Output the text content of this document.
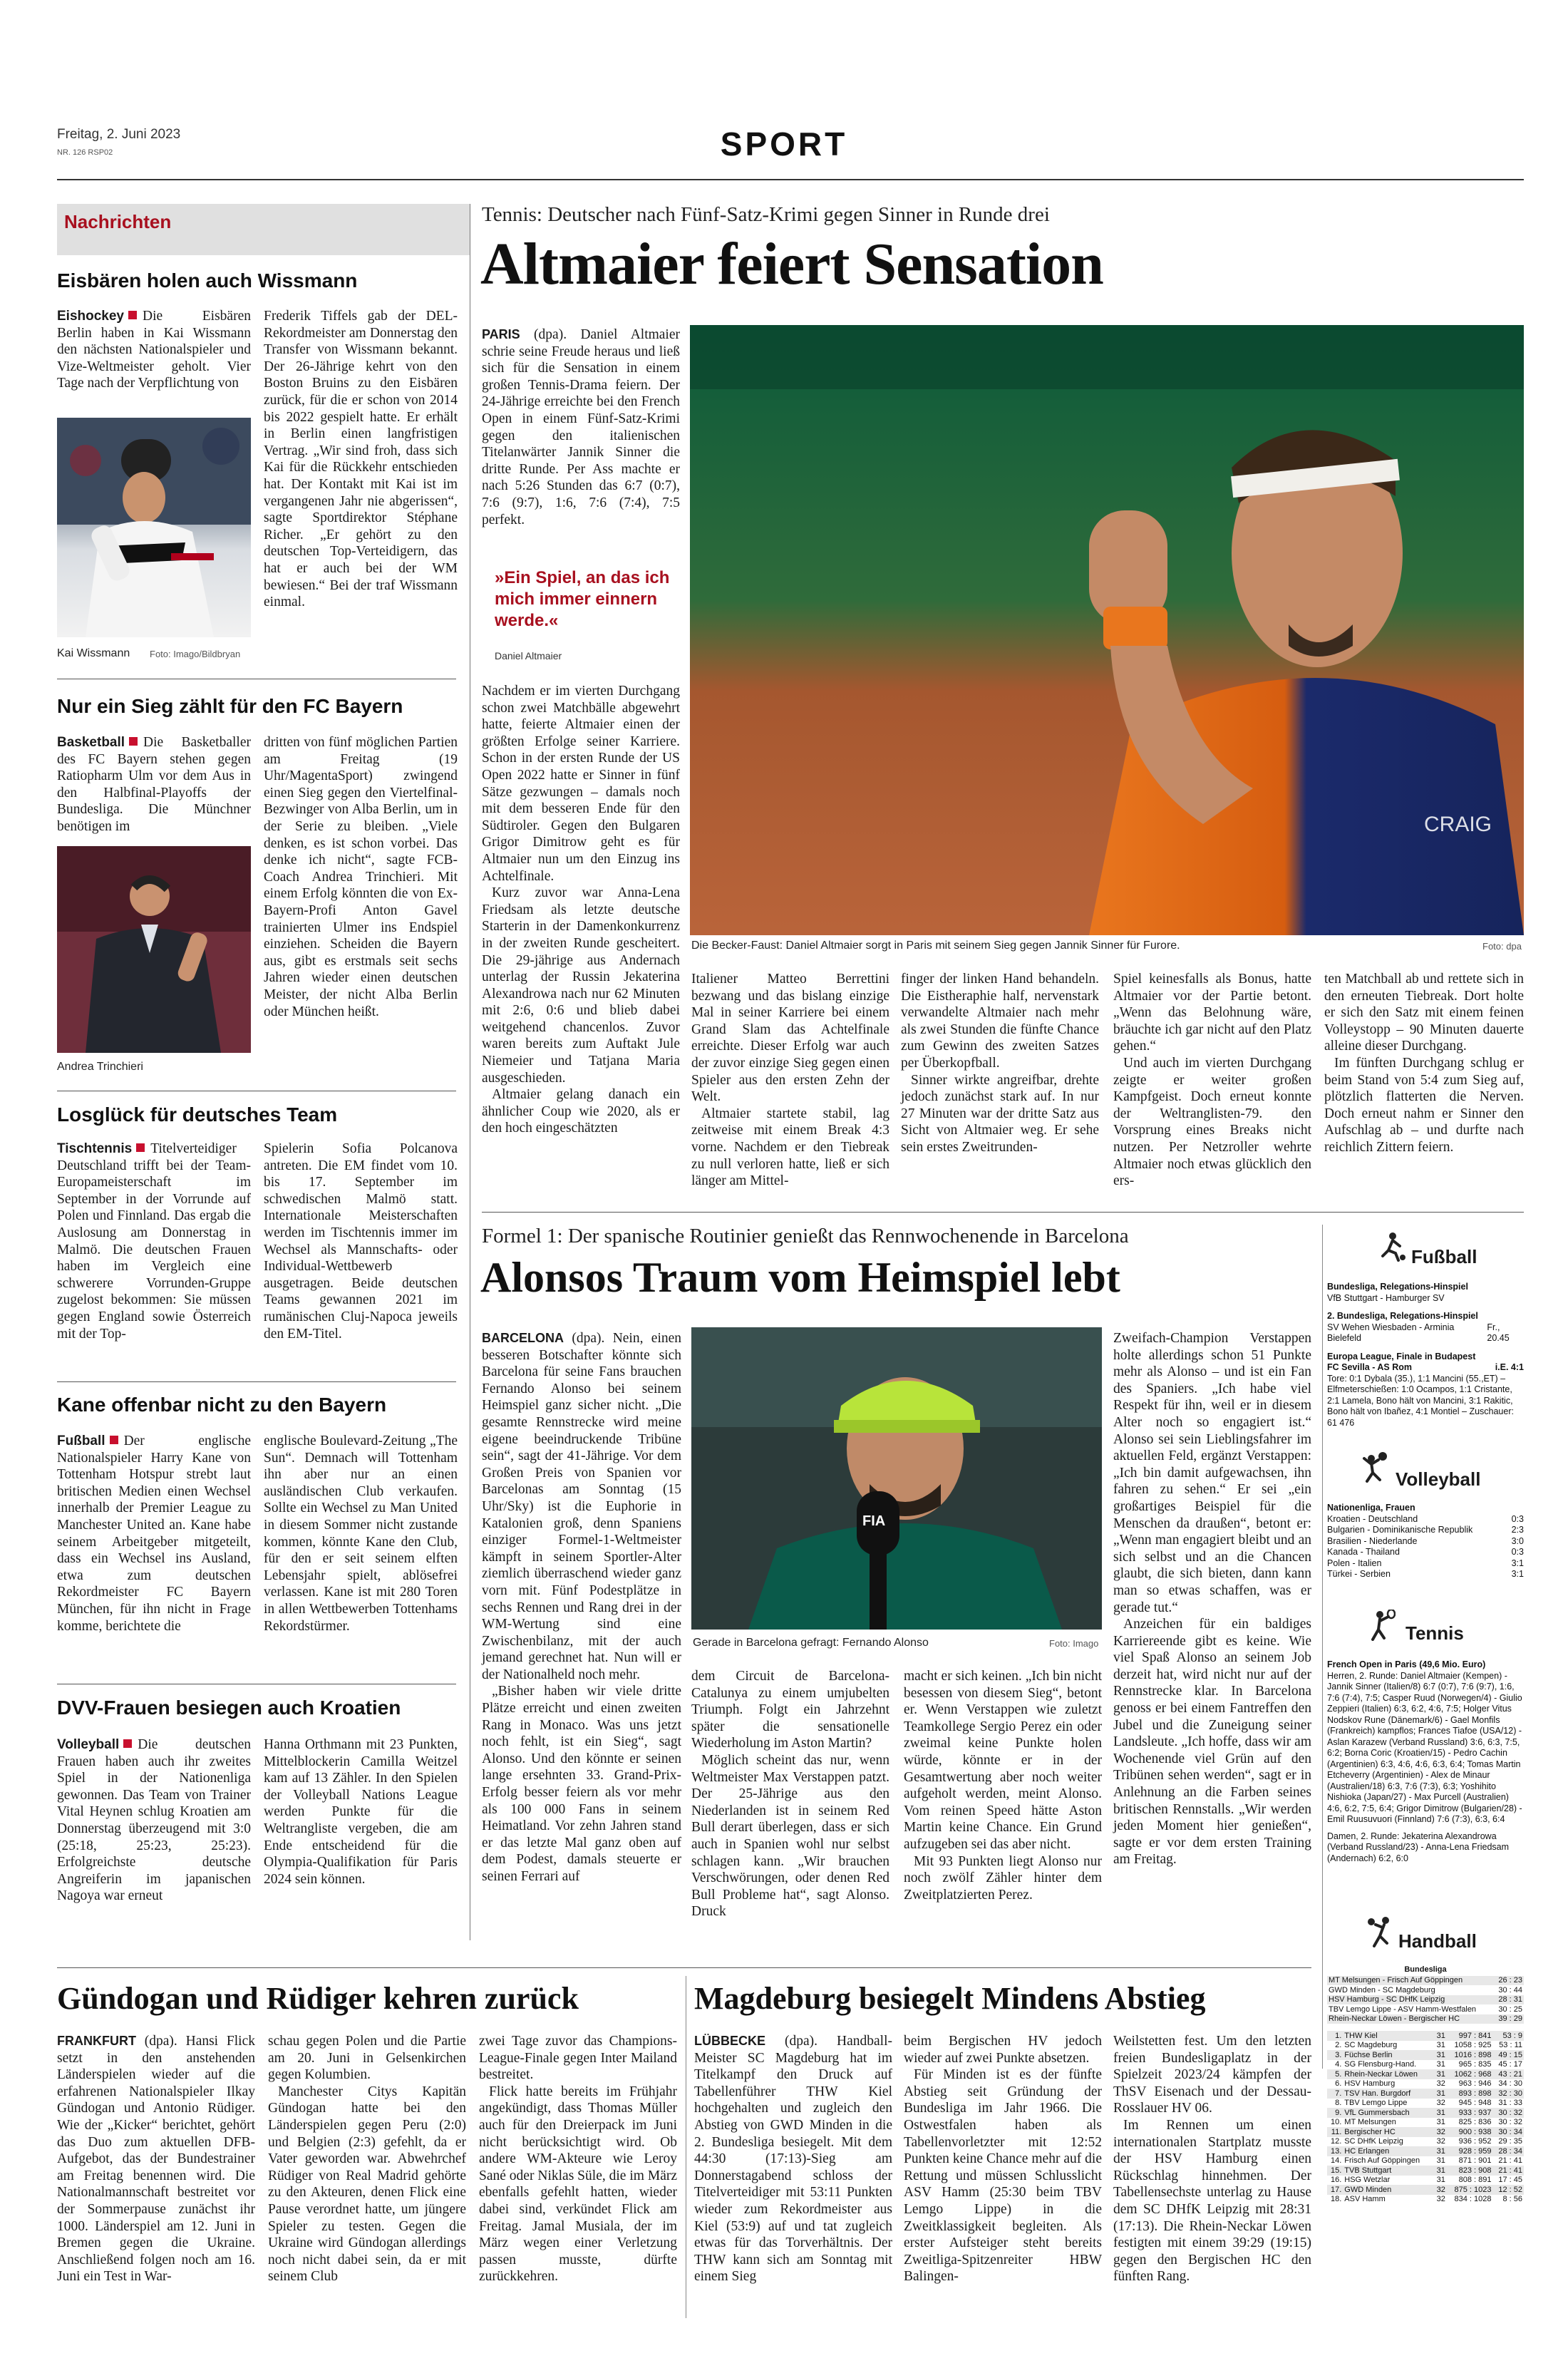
Freitag, 2. Juni 2023
NR. 126 RSP02	SPORT
Nachrichten
Eisbären holen auch Wissmann
Eishockey Die Eisbären Berlin haben in Kai Wissmann den nächsten Nationalspieler und Vize-Weltmeister geholt. Vier Tage nach der Verpflichtung von
Kai Wissmann Foto: Imago/Bildbryan
Frederik Tiffels gab der DEL-Rekordmeister am Donnerstag den Transfer von Wissmann bekannt. Der 26-Jährige kehrt von den Boston Bruins zu den Eisbären zurück, für die er schon von 2014 bis 2022 gespielt hatte. Er erhält in Berlin einen langfristigen Vertrag. „Wir sind froh, dass sich Kai für die Rückkehr entschieden hat. Der Kontakt mit Kai ist im vergangenen Jahr nie abgerissen“, sagte Sportdirektor Stéphane Richer. „Er gehört zu den deutschen Top-Verteidigern, das hat er auch bei der WM bewiesen.“ Bei der traf Wissmann einmal.
Nur ein Sieg zählt für den FC Bayern
Basketball Die Basketballer des FC Bayern stehen gegen Ratiopharm Ulm vor dem Aus in den Halbfinal-Playoffs der Bundesliga. Die Münchner benötigen im
Andrea Trinchieri
dritten von fünf möglichen Partien am Freitag (19 Uhr/MagentaSport) zwingend einen Sieg gegen den Viertelfinal-Bezwinger von Alba Berlin, um in der Serie zu bleiben. „Viele denken, es ist schon vorbei. Das denke ich nicht“, sagte FCB-Coach Andrea Trinchieri. Mit einem Erfolg könnten die von Ex-Bayern-Profi Anton Gavel trainierten Ulmer ins Endspiel einziehen. Scheiden die Bayern aus, gibt es erstmals seit sechs Jahren wieder einen deutschen Meister, der nicht Alba Berlin oder München heißt.
Losglück für deutsches Team
Tischtennis Titelverteidiger Deutschland trifft bei der Team-Europameisterschaft im September in der Vorrunde auf Polen und Finnland. Das ergab die Auslosung am Donnerstag in Malmö. Die deutschen Frauen haben im Vergleich eine schwerere Vorrunden-Gruppe zugelost bekommen: Sie müssen gegen England sowie Österreich mit der Top-
Spielerin Sofia Polcanova antreten. Die EM findet vom 10. bis 17. September im schwedischen Malmö statt. Internationale Meisterschaften werden im Tischtennis immer im Wechsel als Mannschafts- oder Individual-Wettbewerb ausgetragen. Beide deutschen Teams gewannen 2021 im rumänischen Cluj-Napoca jeweils den EM-Titel.
Kane offenbar nicht zu den Bayern
Fußball Der englische Nationalspieler Harry Kane von Tottenham Hotspur strebt laut britischen Medien einen Wechsel innerhalb der Premier League zu Manchester United an. Kane habe seinem Arbeitgeber mitgeteilt, dass ein Wechsel ins Ausland, etwa zum deutschen Rekordmeister FC Bayern München, für ihn nicht in Frage komme, berichtete die
englische Boulevard-Zeitung „The Sun“. Demnach will Tottenham ihn aber nur an einen ausländischen Club verkaufen. Sollte ein Wechsel zu Man United in diesem Sommer nicht zustande kommen, könnte Kane den Club, für den er seit seinem elften Lebensjahr spielt, ablösefrei verlassen. Kane ist mit 280 Toren in allen Wettbewerben Tottenhams Rekordstürmer.
DVV-Frauen besiegen auch Kroatien
Volleyball Die deutschen Frauen haben auch ihr zweites Spiel in der Nationenliga gewonnen. Das Team von Trainer Vital Heynen schlug Kroatien am Donnerstag überzeugend mit 3:0 (25:18, 25:23, 25:23). Erfolgreichste deutsche Angreiferin im japanischen Nagoya war erneut
Hanna Orthmann mit 23 Punkten, Mittelblockerin Camilla Weitzel kam auf 13 Zähler. In den Spielen der Volleyball Nations League werden Punkte für die Weltrangliste vergeben, die am Ende entscheidend für die Olympia-Qualifikation für Paris 2024 sein können.
Tennis: Deutscher nach Fünf-Satz-Krimi gegen Sinner in Runde drei
Altmaier feiert Sensation
PARIS (dpa). Daniel Altmaier schrie seine Freude heraus und ließ sich für die Sensation in einem großen Tennis-Drama feiern. Der 24-Jährige erreichte bei den French Open in einem Fünf-Satz-Krimi gegen den italienischen Titelanwärter Jannik Sinner die dritte Runde. Per Ass machte er nach 5:26 Stunden das 6:7 (0:7), 7:6 (9:7), 1:6, 7:6 (7:4), 7:5 perfekt.
»Ein Spiel, an das ich mich immer einnern werde.«
Daniel Altmaier

Nachdem er im vierten Durchgang schon zwei Matchbälle abgewehrt hatte, feierte Altmaier einen der größten Erfolge seiner Karriere. Schon in der ersten Runde der US Open 2022 hatte er Sinner in fünf Sätze gezwungen – damals noch mit dem besseren Ende für den Südtiroler. Gegen den Bulgaren Grigor Dimitrow geht es für Altmaier nun um den Einzug ins Achtelfinale.

Kurz zuvor war Anna-Lena Friedsam als letzte deutsche Starterin in der Damenkonkurrenz in der zweiten Runde gescheitert. Die 29-jährige aus Andernach unterlag der Russin Jekaterina Alexandrowa nach nur 62 Minuten mit 2:6, 0:6 und blieb dabei weitgehend chancenlos. Zuvor waren bereits zum Auftakt Jule Niemeier und Tatjana Maria ausgeschieden.

Altmaier gelang danach ein ähnlicher Coup wie 2020, als er den hoch eingeschätzten

CRAIG
Die Becker-Faust: Daniel Altmaier sorgt in Paris mit seinem Sieg gegen Jannik Sinner für Furore.	Foto: dpa

Italiener Matteo Berrettini bezwang und das bislang einzige Mal in seiner Karriere bei einem Grand Slam das Achtelfinale erreichte. Dieser Erfolg war auch der zuvor einzige Sieg gegen einen Spieler aus den ersten Zehn der Welt.

Altmaier startete stabil, lag zeitweise mit einem Break 4:3 vorne. Nachdem er den Tiebreak zu null verloren hatte, ließ er sich länger am Mittel-

finger der linken Hand behandeln. Die Eistheraphie half, nervenstark verwandelte Altmaier nach mehr als zwei Stunden die fünfte Chance zum Gewinn des zweiten Satzes per Überkopfball.

Sinner wirkte angreifbar, drehte jedoch zunächst stark auf. In nur 27 Minuten war der dritte Satz aus Sicht von Altmaier weg. Er sehe sein erstes Zweitrunden-

Spiel keinesfalls als Bonus, hatte Altmaier vor der Partie betont. „Wenn das Belohnung wäre, bräuchte ich gar nicht auf den Platz gehen.“

Und auch im vierten Durchgang zeigte er weiter großen Kampfgeist. Doch erneut konnte der Weltranglisten-79. den Vorsprung eines Breaks nicht nutzen. Per Netzroller wehrte Altmaier noch etwas glücklich den ers-

ten Matchball ab und rettete sich in den erneuten Tiebreak. Dort holte er sich den Satz mit einem feinen Volleystopp – 90 Minuten dauerte alleine dieser Durchgang.

Im fünften Durchgang schlug er beim Stand von 5:4 zum Sieg auf, plötzlich flatterten die Nerven. Doch erneut nahm er Sinner den Aufschlag ab – und durfte nach reichlich Zittern feiern.

Formel 1: Der spanische Routinier genießt das Rennwochenende in Barcelona
Alonsos Traum vom Heimspiel lebt

BARCELONA (dpa). Nein, einen besseren Botschafter könnte sich Barcelona für seine Fans brauchen Fernando Alonso bei seinem Heimspiel ganz sicher nicht. „Die gesamte Rennstrecke wird meine eigene beeindruckende Tribüne sein“, sagt der 41-Jährige. Vor dem Großen Preis von Spanien vor Barcelonas am Sonntag (15 Uhr/Sky) ist die Euphorie in Katalonien groß, denn Spaniens einziger Formel-1-Weltmeister kämpft in seinem Sportler-Alter ziemlich überraschend wieder ganz vorn mit. Fünf Podestplätze in sechs Rennen und Rang drei in der WM-Wertung sind eine Zwischenbilanz, mit der auch jemand gerechnet hat. Nun will er der Nationalheld noch mehr.

„Bisher haben wir viele dritte Plätze erreicht und einen zweiten Rang in Monaco. Was uns jetzt noch fehlt, ist ein Sieg“, sagt Alonso. Und den könnte er seinen lange ersehnten 33. Grand-Prix-Erfolg besser feiern als vor mehr als 100 000 Fans in seinem Heimatland. Vor zehn Jahren stand er das letzte Mal ganz oben auf dem Podest, damals steuerte er seinen Ferrari auf

FIA
Gerade in Barcelona gefragt: Fernando Alonso	Foto: Imago

dem Circuit de Barcelona-Catalunya zu einem umjubelten Triumph. Folgt ein Jahrzehnt später die sensationelle Wiederholung im Aston Martin?

Möglich scheint das nur, wenn Weltmeister Max Verstappen patzt. Der 25-Jährige aus den Niederlanden ist in seinem Red Bull derart überlegen, dass er sich auch in Spanien wohl nur selbst schlagen kann. „Wir brauchen Verschwörungen, oder denen Red Bull Probleme hat“, sagt Alonso. Druck

macht er sich keinen. „Ich bin nicht besessen von diesem Sieg“, betont er. Wenn Verstappen wie zuletzt Teamkollege Sergio Perez ein oder zweimal keine Punkte holen würde, könnte er in der Gesamtwertung aber noch weiter aufgeholt werden, meint Alonso. Vom reinen Speed hätte Aston Martin keine Chance. Ein Grund aufzugeben sei das aber nicht.

Mit 93 Punkten liegt Alonso nur noch zwölf Zähler hinter dem Zweitplatzierten Perez.

Zweifach-Champion Verstappen holte allerdings schon 51 Punkte mehr als Alonso – und ist ein Fan des Spaniers. „Ich habe viel Respekt für ihn, weil er in diesem Alter noch so engagiert ist.“ Alonso sei sein Lieblingsfahrer im aktuellen Feld, ergänzt Verstappen: „Ich bin damit aufgewachsen, ihn fahren zu sehen.“ Er sei „ein großartiges Beispiel für die Menschen da draußen“, betont er: „Wenn man engagiert bleibt und an sich selbst und an die Chancen glaubt, die sich bieten, dann kann man so etwas schaffen, was er gerade tut.“

Anzeichen für ein baldiges Karriereende gibt es keine. Wie viel Spaß Alonso an seinem Job derzeit hat, wird nicht nur auf der Rennstrecke klar. In Barcelona genoss er bei einem Fantreffen den Jubel und die Zuneigung seiner Landsleute. „Ich hoffe, dass wir am Wochenende viel Grün auf den Tribünen sehen werden“, sagt er in Anlehnung an die Farben seines britischen Rennstalls. „Wir werden jeden Moment hier genießen“, sagte er vor dem ersten Training am Freitag.

Fußball
Bundesliga, Relegations-Hinspiel
VfB Stuttgart - Hamburger SV
2. Bundesliga, Relegations-Hinspiel
SV Wehen Wiesbaden - Arminia Bielefeld
Fr., 20.45
Europa League, Finale in Budapest
FC Sevilla - AS Rom	i.E. 4:1
Tore: 0:1 Dybala (35.), 1:1 Mancini (55.,ET) – Elfmeterschießen: 1:0 Ocampos, 1:1 Cristante, 2:1 Lamela, Bono hält von Mancini, 3:1 Rakitic, Bono hält von Ibañez, 4:1 Montiel – Zuschauer: 61 476
Volleyball
Nationenliga, Frauen
Kroatien - Deutschland	0:3
Bulgarien - Dominikanische Republik	2:3
Brasilien - Niederlande	3:0
Kanada - Thailand	0:3
Polen - Italien	3:1
Türkei - Serbien	3:1
Tennis
French Open in Paris (49,6 Mio. Euro)
Herren, 2. Runde: Daniel Altmaier (Kempen) - Jannik Sinner (Italien/8) 6:7 (0:7), 7:6 (9:7), 1:6, 7:6 (7:4), 7:5; Casper Ruud (Norwegen/4) - Giulio Zeppieri (Italien) 6:3, 6:2, 4:6, 7:5; Holger Vitus Nodskov Rune (Dänemark/6) - Gael Monfils (Frankreich) kampflos; Frances Tiafoe (USA/12) - Aslan Karazew (Verband Russland) 3:6, 6:3, 7:5, 6:2; Borna Coric (Kroatien/15) - Pedro Cachin (Argentinien) 6:3, 4:6, 4:6, 6:3, 6:4; Tomas Martin Etcheverry (Argentinien) - Alex de Minaur (Australien/18) 6:3, 7:6 (7:3), 6:3; Yoshihito Nishioka (Japan/27) - Max Purcell (Australien) 4:6, 6:2, 7:5, 6:4; Grigor Dimitrow (Bulgarien/28) - Emil Ruusuvuori (Finnland) 7:6 (7:3), 6:3, 6:4
Damen, 2. Runde: Jekaterina Alexandrowa (Verband Russland/23) - Anna-Lena Friedsam (Andernach) 6:2, 6:0
Handball
Bundesliga
MT Melsungen - Frisch Auf Göppingen	26 : 23
GWD Minden - SC Magdeburg	30 : 44
HSV Hamburg - SC DHfK Leipzig	28 : 31
TBV Lemgo Lippe - ASV Hamm-Westfalen	30 : 25
Rhein-Neckar Löwen - Bergischer HC	39 : 29
1.	THW Kiel	31	997 : 841	53 : 9
2.	SC Magdeburg	31	1058 : 925	53 : 11
3.	Füchse Berlin	31	1016 : 898	49 : 15
4.	SG Flensburg-Hand.	31	965 : 835	45 : 17
5.	Rhein-Neckar Löwen	31	1062 : 968	43 : 21
6.	HSV Hamburg	32	963 : 946	34 : 30
7.	TSV Han. Burgdorf	31	893 : 898	32 : 30
8.	TBV Lemgo Lippe	32	945 : 948	31 : 33
9.	VfL Gummersbach	31	933 : 937	30 : 32
10.	MT Melsungen	31	825 : 836	30 : 32
11.	Bergischer HC	32	900 : 938	30 : 34
12.	SC DHfK Leipzig	32	936 : 952	29 : 35
13.	HC Erlangen	31	928 : 959	28 : 34
14.	Frisch Auf Göppingen	31	871 : 901	21 : 41
15.	TVB Stuttgart	31	823 : 908	21 : 41
16.	HSG Wetzlar	31	808 : 891	17 : 45
17.	GWD Minden	32	875 : 1023	12 : 52
18.	ASV Hamm	32	834 : 1028	8 : 56
Gündogan und Rüdiger kehren zurück

FRANKFURT (dpa). Hansi Flick setzt in den anstehenden Länderspielen wieder auf die erfahrenen Nationalspieler Ilkay Gündogan und Antonio Rüdiger. Wie der „Kicker“ berichtet, gehört das Duo zum aktuellen DFB-Aufgebot, das der Bundestrainer am Freitag benennen wird. Die Nationalmannschaft bestreitet vor der Sommerpause zunächst ihr 1000. Länderspiel am 12. Juni in Bremen gegen die Ukraine. Anschließend folgen noch am 16. Juni ein Test in War-

schau gegen Polen und die Partie am 20. Juni in Gelsenkirchen gegen Kolumbien.

Manchester Citys Kapitän Gündogan hatte bei den Länderspielen gegen Peru (2:0) und Belgien (2:3) gefehlt, da er Vater geworden war. Abwehrchef Rüdiger von Real Madrid gehörte zu den Akteuren, denen Flick eine Pause verordnet hatte, um jüngere Spieler zu testen. Gegen die Ukraine wird Gündogan allerdings noch nicht dabei sein, da er mit seinem Club

zwei Tage zuvor das Champions-League-Finale gegen Inter Mailand bestreitet.

Flick hatte bereits im Frühjahr angekündigt, dass Thomas Müller auch für den Dreierpack im Juni nicht berücksichtigt wird. Ob andere WM-Akteure wie Leroy Sané oder Niklas Süle, die im März ebenfalls gefehlt hatten, wieder dabei sind, verkündet Flick am Freitag. Jamal Musiala, der im März wegen einer Verletzung passen musste, dürfte zurückkehren.

Magdeburg besiegelt Mindens Abstieg

LÜBBECKE (dpa). Handball-Meister SC Magdeburg hat im Titelkampf den Druck auf Tabellenführer THW Kiel hochgehalten und zugleich den Abstieg von GWD Minden in die 2. Bundesliga besiegelt. Mit dem 44:30 (17:13)-Sieg am Donnerstagabend schloss der Titelverteidiger mit 53:11 Punkten wieder zum Rekordmeister aus Kiel (53:9) auf und tat zugleich etwas für das Torverhältnis. Der THW kann sich am Sonntag mit einem Sieg

beim Bergischen HV jedoch wieder auf zwei Punkte absetzen.

Für Minden ist es der fünfte Abstieg seit Gründung der Bundesliga im Jahr 1966. Die Ostwestfalen haben als Tabellenvorletzter mit 12:52 Punkten keine Chance mehr auf die Rettung und müssen Schlusslicht ASV Hamm (25:30 beim TBV Lemgo Lippe) in die Zweitklassigkeit begleiten. Als erster Aufsteiger steht bereits Zweitliga-Spitzenreiter HBW Balingen-

Weilstetten fest. Um den letzten freien Bundesligaplatz in der Spielzeit 2023/24 kämpfen der ThSV Eisenach und der Dessau-Rosslauer HV 06.

Im Rennen um einen internationalen Startplatz musste der HSV Hamburg einen Rückschlag hinnehmen. Der Tabellensechste unterlag zu Hause dem SC DHfK Leipzig mit 28:31 (17:13). Die Rhein-Neckar Löwen festigten mit einem 39:29 (19:15) gegen den Bergischen HC den fünften Rang.
